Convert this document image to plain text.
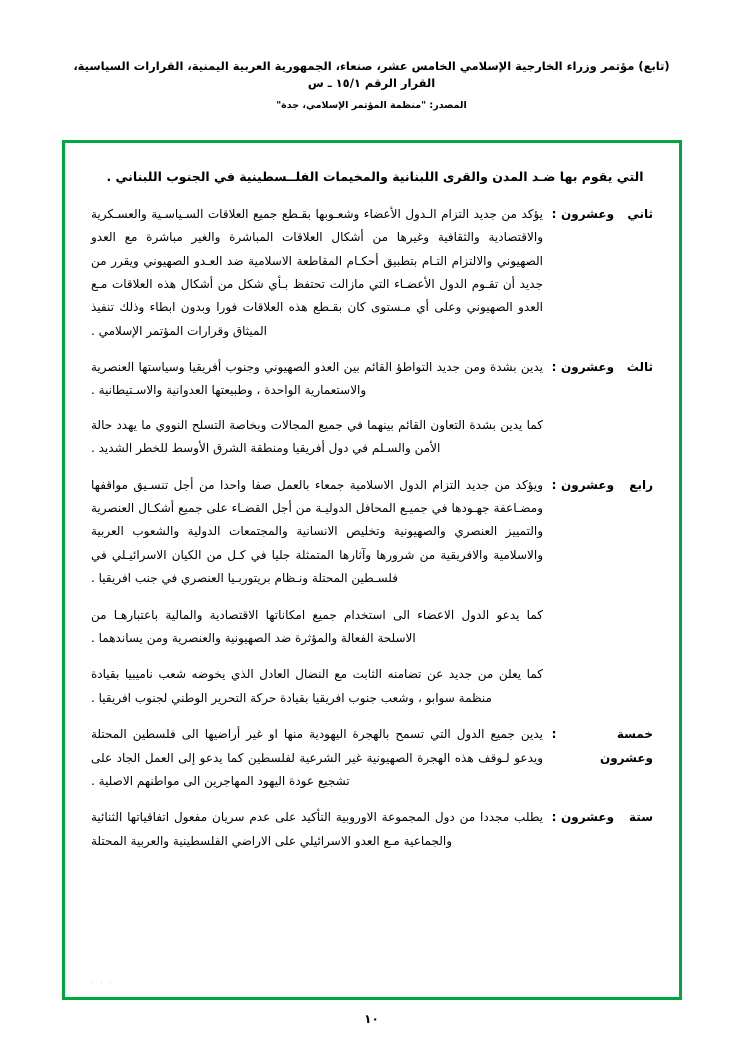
(تابع) مؤتمر وزراء الخارجية الإسلامي الخامس عشر، صنعاء، الجمهورية العربية اليمنية، القرارات السياسية، القرار الرقم ١٥/١ ـ س
المصدر: "منظمة المؤتمر الإسلامي، جدة"
التي يقوم بها ضـد المدن والقرى اللبنانية والمخيمات الفلــسطينية في الجنوب اللبناني .
ثاني وعشرون
:

يؤكد من جديد التزام الـدول الأعضاء وشعـوبها بقـطع جميع العلاقات السـياسـية والعسـكرية والاقتصادية والثقافية وغيرها من أشكال العلاقات المباشرة والغير مباشرة مع العدو الصهيوني والالتزام التـام بتطبيق أحكـام المقاطعة الاسلامية ضد العـدو الصهيوني ويقرر من جديد أن تقـوم الدول الأعضـاء التي مازالت تحتفظ بـأي شكل من أشكال هذه العلاقات مـع العدو الصهيوني وعلى أي مـستوى كان بقـطع هذه العلاقات فورا وبدون ابطاء وذلك تنفيذ الميثاق وقرارات المؤتمر الإسلامي .

ثالث وعشرون
:

يدين بشدة ومن جديد التواطؤ القائم بين العدو الصهيوني وجنوب أفريقيا وسياستها العنصرية والاستعمارية الواحدة ، وطبيعتها العدوانية والاسـتيطانية .

كما يدين بشدة التعاون القائم بينهما في جميع المجالات وبخاصة التسلح النووي ما يهدد حالة الأمن والسـلم في دول أفريقيا ومنطقة الشرق الأوسط للخطر الشديد .

رابع وعشرون
:

ويؤكد من جديد التزام الدول الاسلامية جمعاء بالعمل صفا واحدا من أجل تنسـيق مواقفها ومضـاعفة جهـودها في جميـع المحافل الدوليـة من أجل القضـاء على جميع أشكـال العنصرية والتمييز العنصري والصهيونية وتخليص الانسانية والمجتمعات الدولية والشعوب العربية والاسلامية والافريقية من شرورها وآثارها المتمثلة جليا في كـل من الكيان الاسرائيـلي في فلسـطين المحتلة ونـظام بريتوربـيا العنصري في جنب افريقيا .

كما يدعو الدول الاعضاء الى استخدام جميع امكاناتها الاقتصادية والمالية باعتبارهـا من الاسلحة الفعالة والمؤثرة ضد الصهيونية والعنصرية ومن يساندهما .
كما يعلن من جديد عن تضامنه الثابت مع النضال العادل الذي يخوضه شعب ناميبيا بقيادة منظمة سوابو ، وشعب جنوب افريقيا بقيادة حركة التحرير الوطني لجنوب افريقيا .
خمسة
وعشرون
:

يدين جميع الدول التي تسمح بالهجرة اليهودية منها او غير أراضيها الى فلسطين المحتلة ويدعو لـوقف هذه الهجرة الصهيونية غير الشرعية لفلسطين كما يدعو إلى العمل الجاد على تشجيع عودة اليهود المهاجرين الى مواطنهم الاصلية .

ستة وعشرون
:

يطلب مجددا من دول المجموعة الاوروبية التأكيد على عدم سريان مفعول اتفاقياتها الثنائية والجماعية مـع العدو الاسرائيلي على الاراضي الفلسطينية والعربية المحتلة

. . .
١٠
